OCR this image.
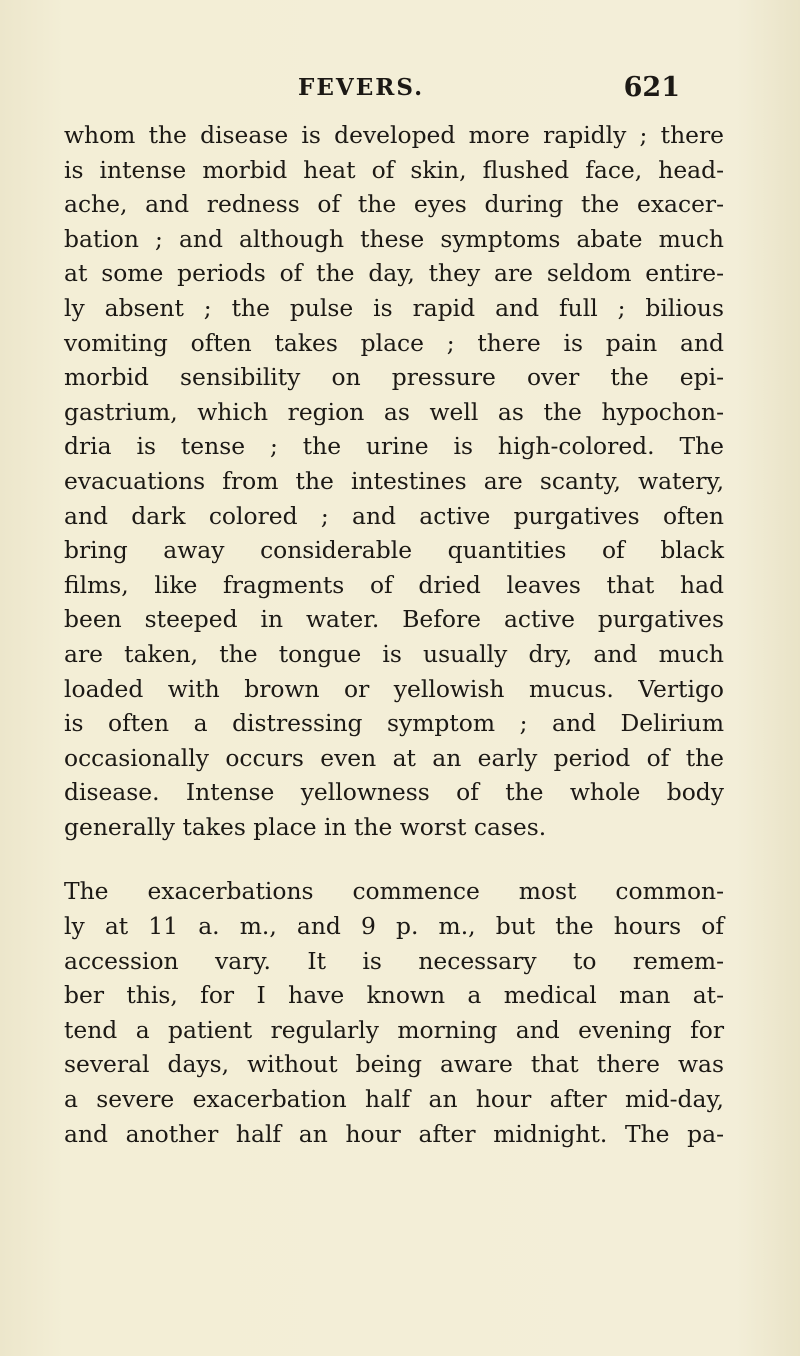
FEVERS.	621
whom the disease is developed more rapidly ; there
is intense morbid heat of skin, flushed face, head-
ache, and redness of the eyes during the exacer-
bation ; and although these symptoms abate much
at some periods of the day, they are seldom entire-
ly absent ; the pulse is rapid and full ; bilious
vomiting often takes place ; there is pain and
morbid sensibility on pressure over the epi-
gastrium, which region as well as the hypochon-
dria is tense ; the urine is high-colored. The
evacuations from the intestines are scanty, watery,
and dark colored ; and active purgatives often
bring away considerable quantities of black
films, like fragments of dried leaves that had
been steeped in water. Before active purgatives
are taken, the tongue is usually dry, and much
loaded with brown or yellowish mucus. Vertigo
is often a distressing symptom ; and Delirium
occasionally occurs even at an early period of the
disease. Intense yellowness of the whole body
generally takes place in the worst cases.
The exacerbations commence most common-
ly at 11 a. m., and 9 p. m., but the hours of
accession vary. It is necessary to remem-
ber this, for I have known a medical man at-
tend a patient regularly morning and evening for
several days, without being aware that there was
a severe exacerbation half an hour after mid-day,
and another half an hour after midnight. The pa-
